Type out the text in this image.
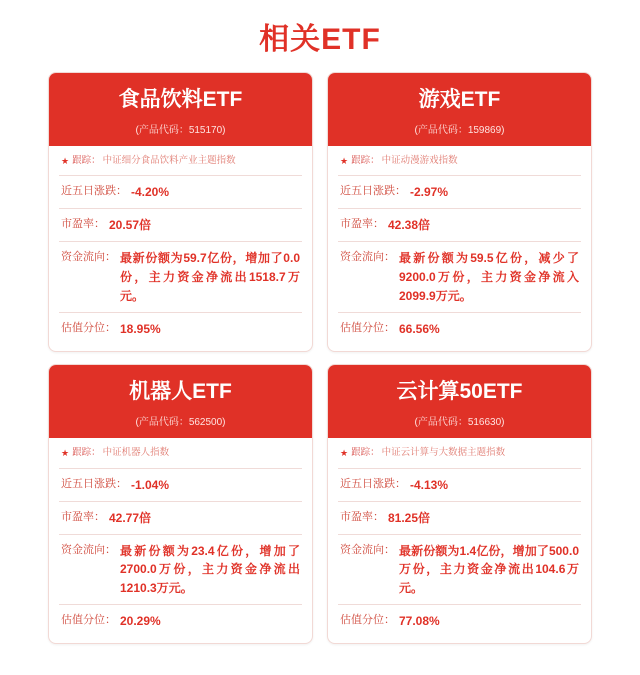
相关ETF
食品饮料ETF
(产品代码：515170)
★ 跟踪： 中证细分食品饮料产业主题指数
近五日涨跌： -4.20%
市盈率： 20.57倍
资金流向： 最新份额为59.7亿份，增加了0.0份，主力资金净流出1518.7万元。
估值分位： 18.95%
游戏ETF
(产品代码：159869)
★ 跟踪： 中证动漫游戏指数
近五日涨跌： -2.97%
市盈率： 42.38倍
资金流向： 最新份额为59.5亿份，减少了9200.0万份，主力资金净流入2099.9万元。
估值分位： 66.56%
机器人ETF
(产品代码：562500)
★ 跟踪： 中证机器人指数
近五日涨跌： -1.04%
市盈率： 42.77倍
资金流向： 最新份额为23.4亿份，增加了2700.0万份，主力资金净流出1210.3万元。
估值分位： 20.29%
云计算50ETF
(产品代码：516630)
★ 跟踪： 中证云计算与大数据主题指数
近五日涨跌： -4.13%
市盈率： 81.25倍
资金流向： 最新份额为1.4亿份，增加了500.0万份，主力资金净流出104.6万元。
估值分位： 77.08%
